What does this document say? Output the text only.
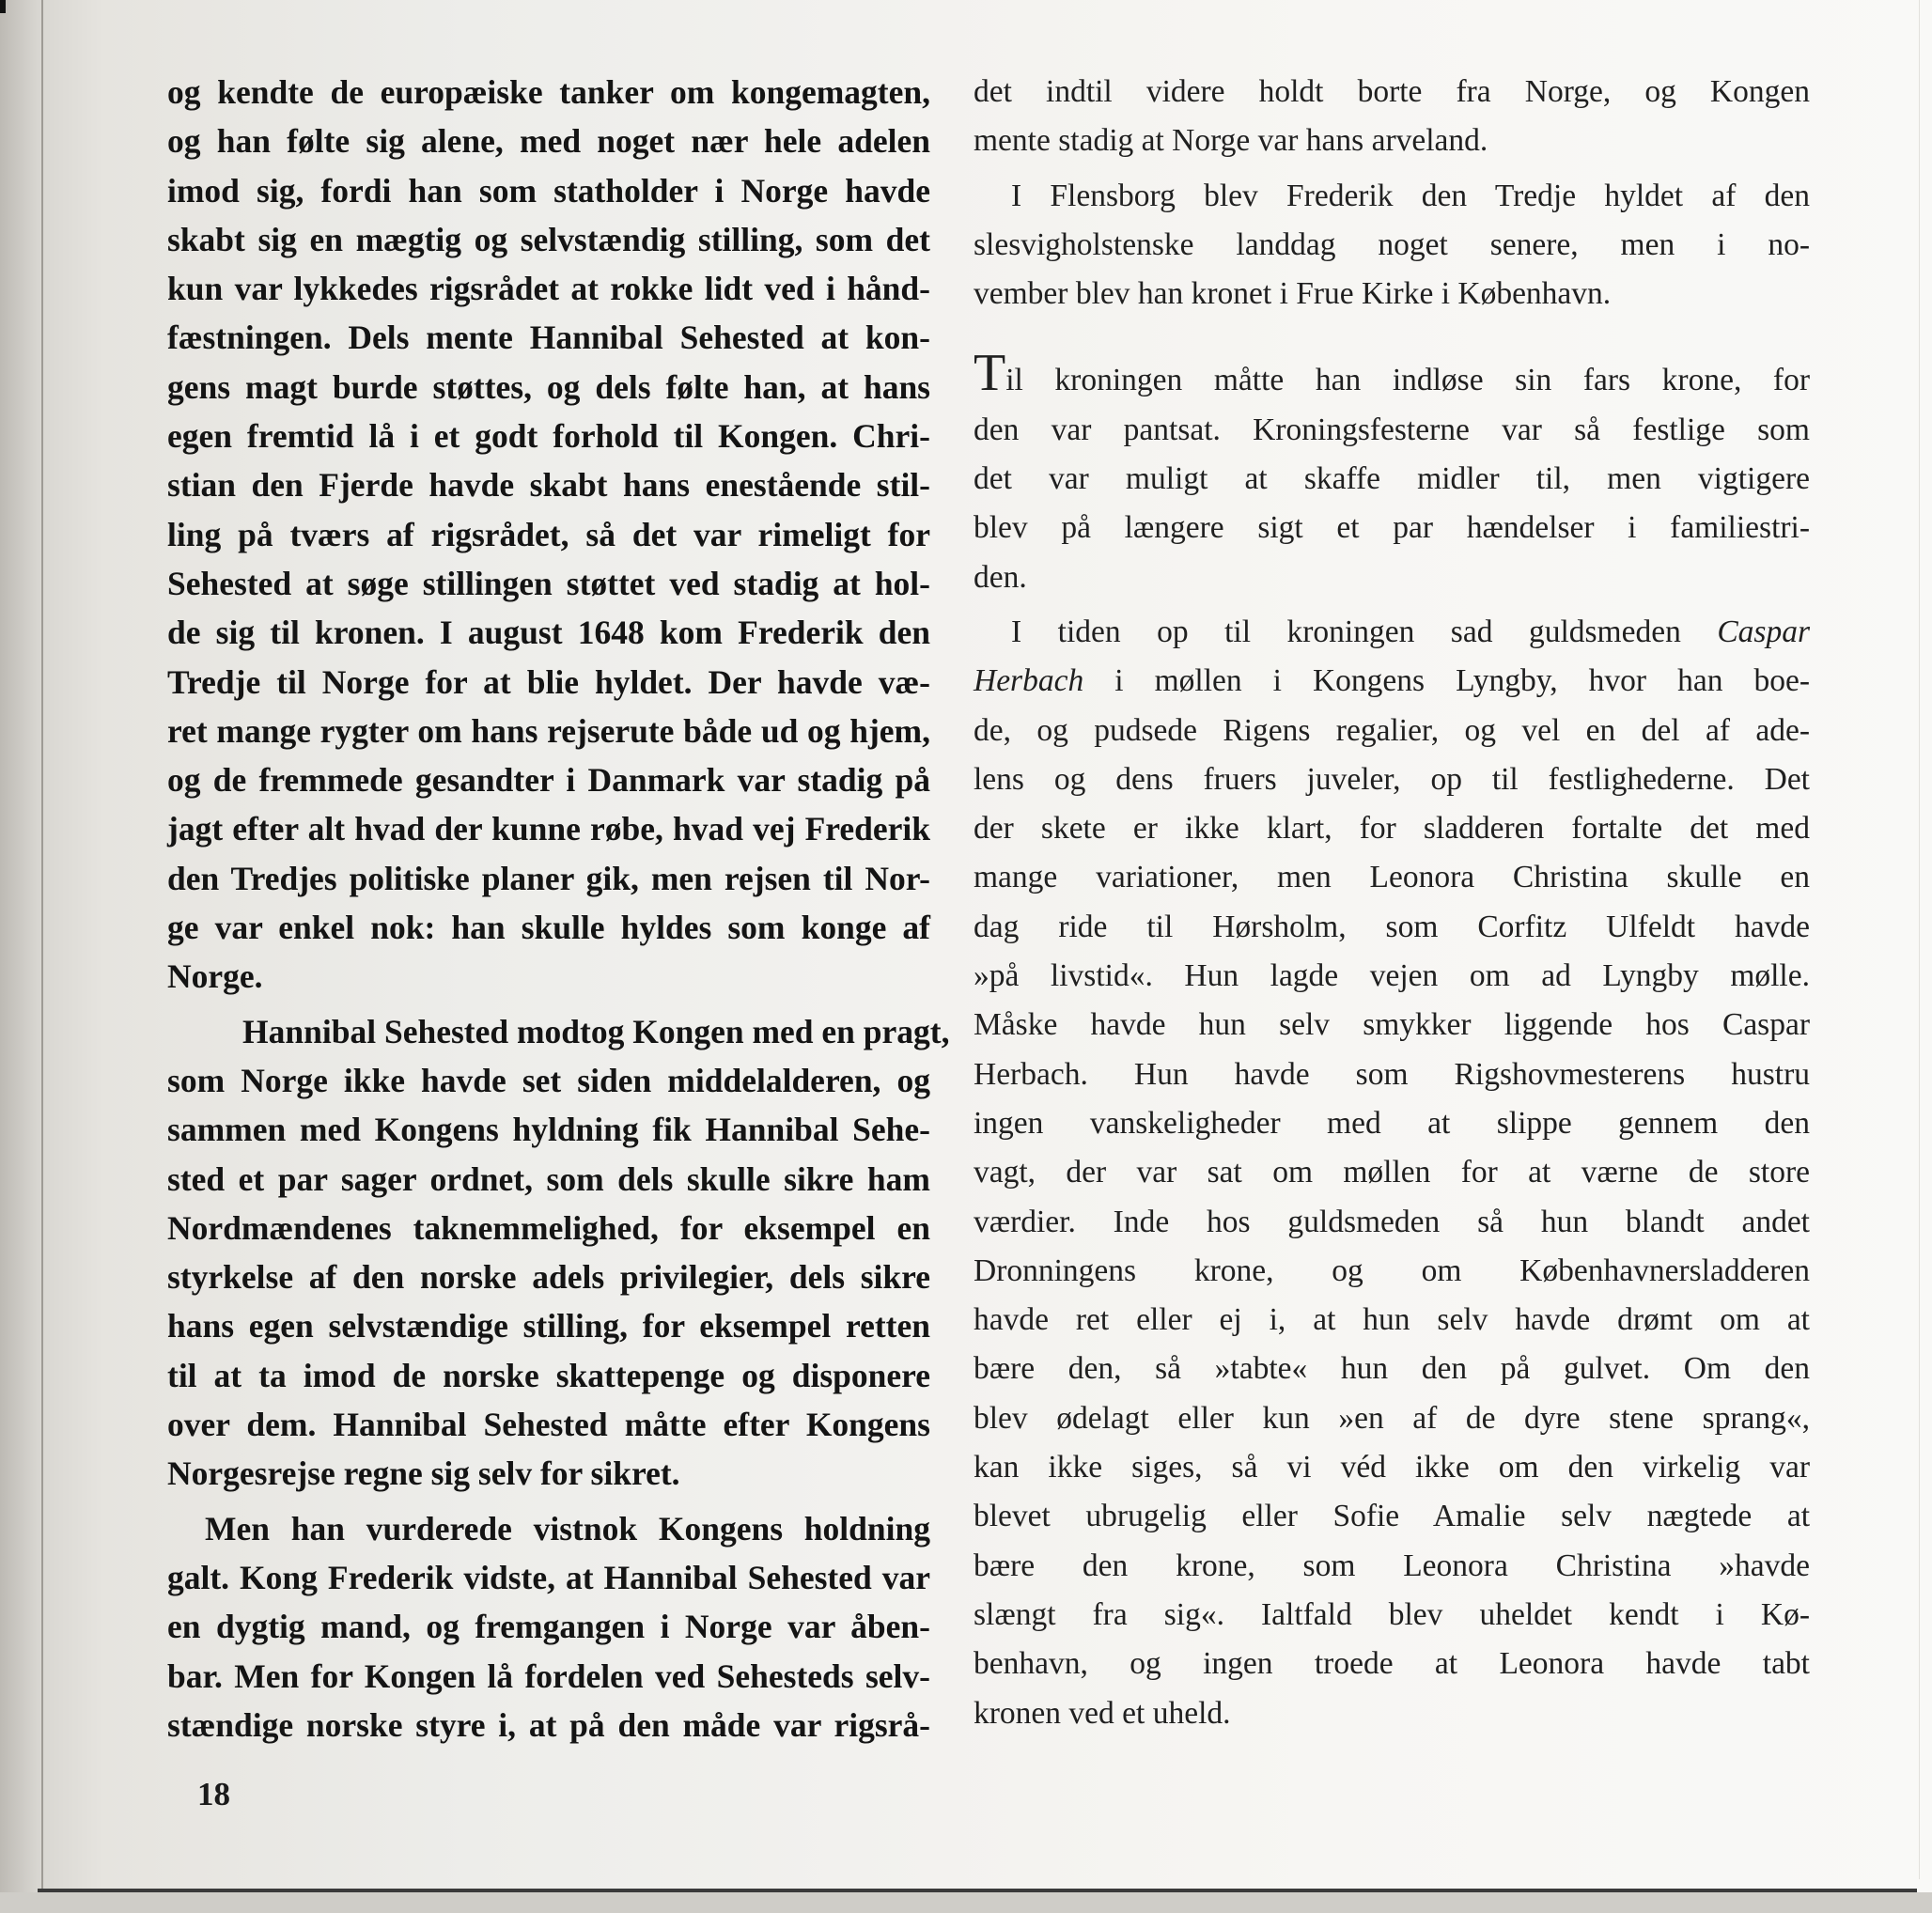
og kendte de europæiske tanker om kongemagten,
og han følte sig alene, med noget nær hele adelen
imod sig, fordi han som statholder i Norge havde
skabt sig en mægtig og selvstændig stilling, som det
kun var lykkedes rigsrådet at rokke lidt ved i hånd-
fæstningen. Dels mente Hannibal Sehested at kon-
gens magt burde støttes, og dels følte han, at hans
egen fremtid lå i et godt forhold til Kongen. Chri-
stian den Fjerde havde skabt hans enestående stil-
ling på tværs af rigsrådet, så det var rimeligt for
Sehested at søge stillingen støttet ved stadig at hol-
de sig til kronen. I august 1648 kom Frederik den
Tredje til Norge for at blie hyldet. Der havde væ-
ret mange rygter om hans rejserute både ud og hjem,
og de fremmede gesandter i Danmark var stadig på
jagt efter alt hvad der kunne røbe, hvad vej Frederik
den Tredjes politiske planer gik, men rejsen til Nor-
ge var enkel nok: han skulle hyldes som konge af
Norge.
Hannibal Sehested modtog Kongen med en pragt,
som Norge ikke havde set siden middelalderen, og
sammen med Kongens hyldning fik Hannibal Sehe-
sted et par sager ordnet, som dels skulle sikre ham
Nordmændenes taknemmelighed, for eksempel en
styrkelse af den norske adels privilegier, dels sikre
hans egen selvstændige stilling, for eksempel retten
til at ta imod de norske skattepenge og disponere
over dem. Hannibal Sehested måtte efter Kongens
Norgesrejse regne sig selv for sikret.
Men han vurderede vistnok Kongens holdning
galt. Kong Frederik vidste, at Hannibal Sehested var
en dygtig mand, og fremgangen i Norge var åben-
bar. Men for Kongen lå fordelen ved Sehesteds selv-
stændige norske styre i, at på den måde var rigsrå-
det indtil videre holdt borte fra Norge, og Kongen
mente stadig at Norge var hans arveland.
I Flensborg blev Frederik den Tredje hyldet af den
slesvigholstenske landdag noget senere, men i no-
vember blev han kronet i Frue Kirke i København.
Til kroningen måtte han indløse sin fars krone, for
den var pantsat. Kroningsfesterne var så festlige som
det var muligt at skaffe midler til, men vigtigere
blev på længere sigt et par hændelser i familiestri-
den.
I tiden op til kroningen sad guldsmeden Caspar
Herbach i møllen i Kongens Lyngby, hvor han boe-
de, og pudsede Rigens regalier, og vel en del af ade-
lens og dens fruers juveler, op til festlighederne. Det
der skete er ikke klart, for sladderen fortalte det med
mange variationer, men Leonora Christina skulle en
dag ride til Hørsholm, som Corfitz Ulfeldt havde
»på livstid«. Hun lagde vejen om ad Lyngby mølle.
Måske havde hun selv smykker liggende hos Caspar
Herbach. Hun havde som Rigshovmesterens hustru
ingen vanskeligheder med at slippe gennem den
vagt, der var sat om møllen for at værne de store
værdier. Inde hos guldsmeden så hun blandt andet
Dronningens krone, og om Københavnersladderen
havde ret eller ej i, at hun selv havde drømt om at
bære den, så »tabte« hun den på gulvet. Om den
blev ødelagt eller kun »en af de dyre stene sprang«,
kan ikke siges, så vi véd ikke om den virkelig var
blevet ubrugelig eller Sofie Amalie selv nægtede at
bære den krone, som Leonora Christina »havde
slængt fra sig«. Ialtfald blev uheldet kendt i Kø-
benhavn, og ingen troede at Leonora havde tabt
kronen ved et uheld.
18
